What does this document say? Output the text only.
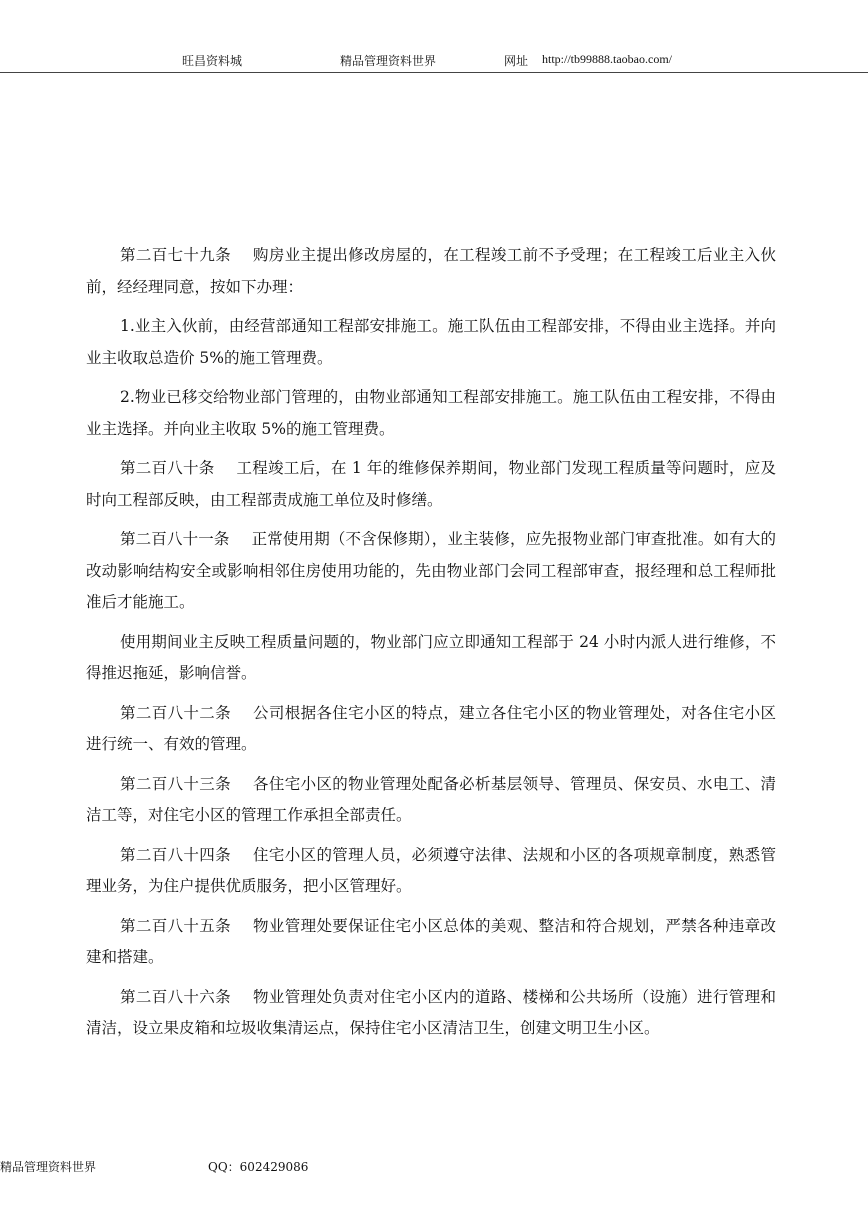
旺昌资料城	精品管理资料世界	网址 http://tb99888.taobao.com/

第二百七十九条 购房业主提出修改房屋的，在工程竣工前不予受理；在工程竣工后业主入伙前，经经理同意，按如下办理：

1.业主入伙前，由经营部通知工程部安排施工。施工队伍由工程部安排，不得由业主选择。并向业主收取总造价 5%的施工管理费。

2.物业已移交给物业部门管理的，由物业部通知工程部安排施工。施工队伍由工程安排，不得由业主选择。并向业主收取 5%的施工管理费。

第二百八十条 工程竣工后，在 1 年的维修保养期间，物业部门发现工程质量等问题时，应及时向工程部反映，由工程部责成施工单位及时修缮。

第二百八十一条 正常使用期（不含保修期），业主装修，应先报物业部门审查批准。如有大的改动影响结构安全或影响相邻住房使用功能的，先由物业部门会同工程部审查，报经理和总工程师批准后才能施工。

使用期间业主反映工程质量问题的，物业部门应立即通知工程部于 24 小时内派人进行维修，不得推迟拖延，影响信誉。

第二百八十二条 公司根据各住宅小区的特点，建立各住宅小区的物业管理处，对各住宅小区进行统一、有效的管理。

第二百八十三条 各住宅小区的物业管理处配备必析基层领导、管理员、保安员、水电工、清洁工等，对住宅小区的管理工作承担全部责任。

第二百八十四条 住宅小区的管理人员，必须遵守法律、法规和小区的各项规章制度，熟悉管理业务，为住户提供优质服务，把小区管理好。

第二百八十五条 物业管理处要保证住宅小区总体的美观、整洁和符合规划，严禁各种违章改建和搭建。

第二百八十六条 物业管理处负责对住宅小区内的道路、楼梯和公共场所（设施）进行管理和清洁，设立果皮箱和垃圾收集清运点，保持住宅小区清洁卫生，创建文明卫生小区。

精品管理资料世界	QQ：602429086
